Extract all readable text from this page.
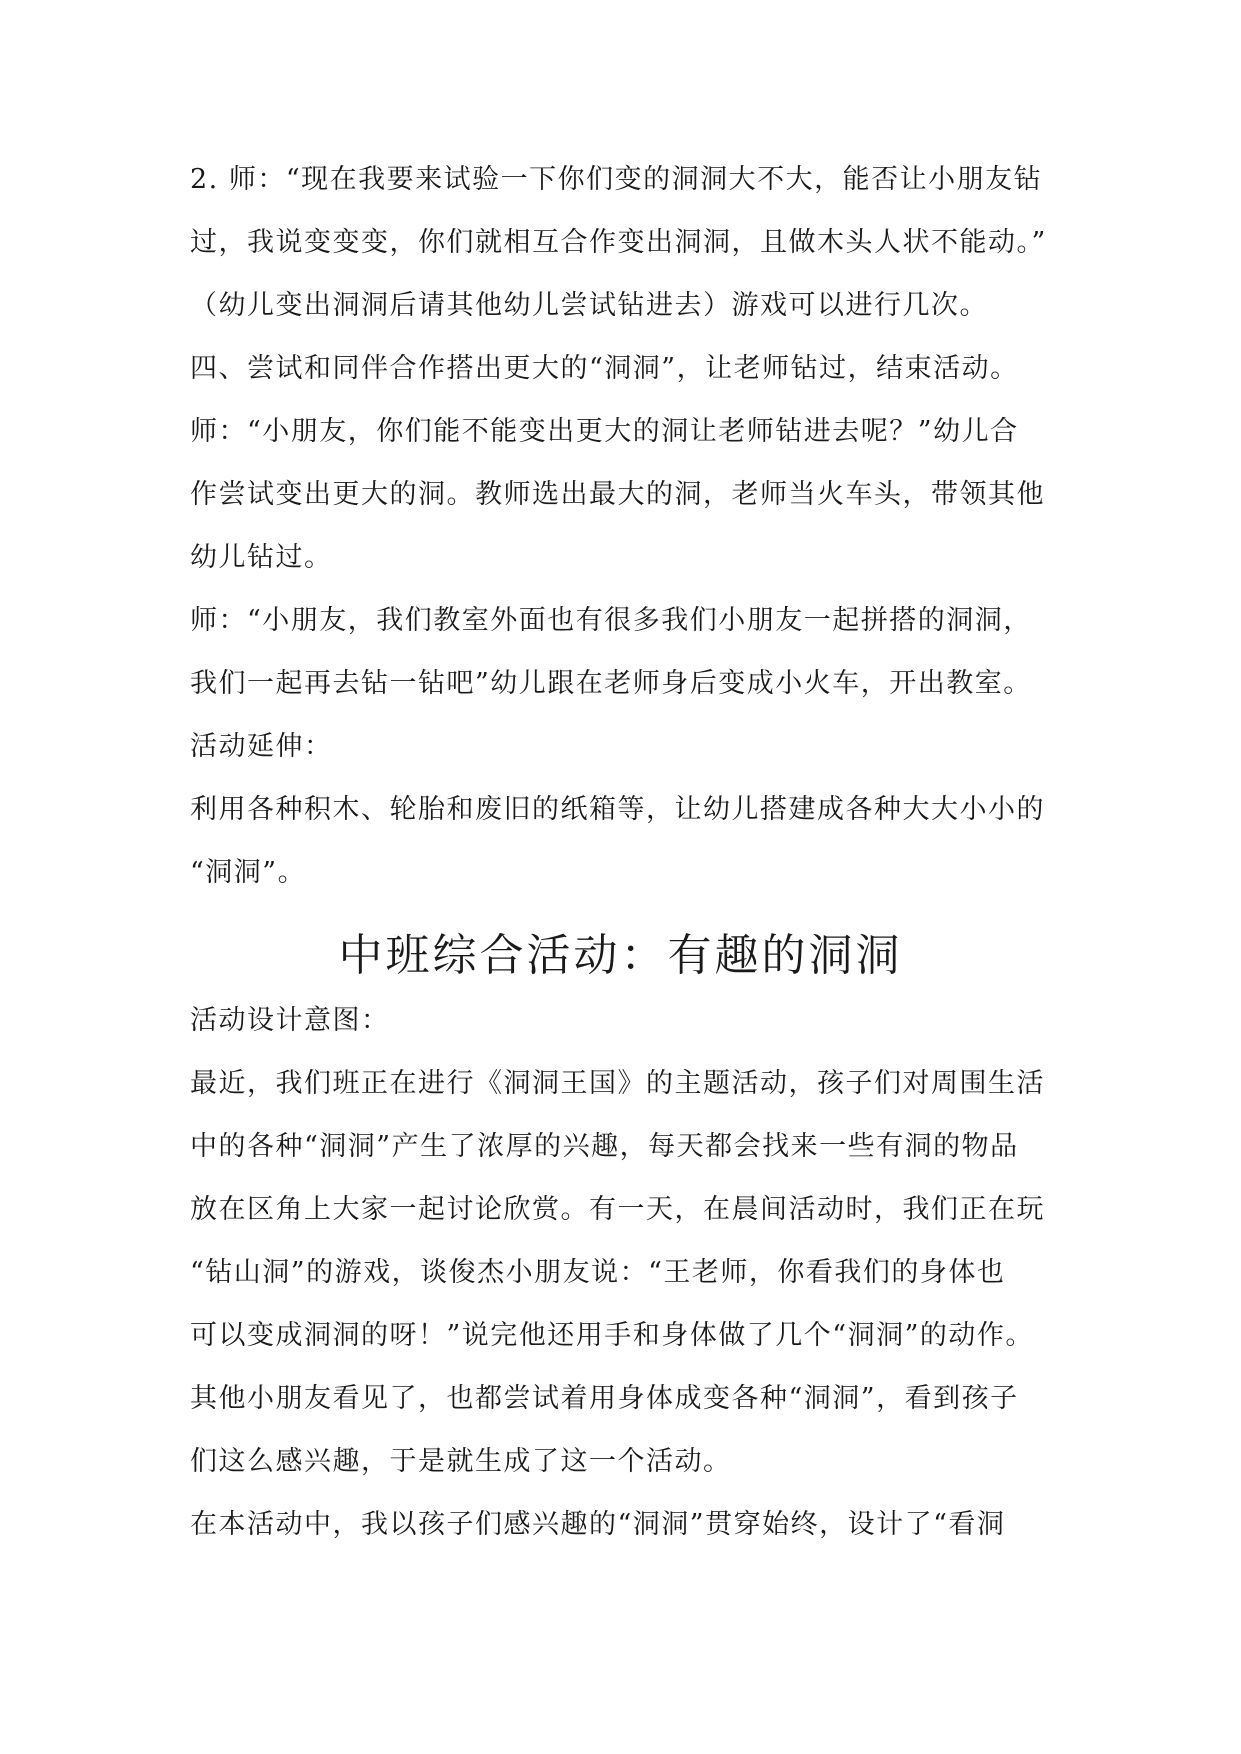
2. 师：“现在我要来试验一下你们变的洞洞大不大，能否让小朋友钻
过，我说变变变，你们就相互合作变出洞洞，且做木头人状不能动。”
（幼儿变出洞洞后请其他幼儿尝试钻进去）游戏可以进行几次。
四、尝试和同伴合作搭出更大的“洞洞”，让老师钻过，结束活动。
师：“小朋友，你们能不能变出更大的洞让老师钻进去呢？”幼儿合
作尝试变出更大的洞。教师选出最大的洞，老师当火车头，带领其他
幼儿钻过。
师：“小朋友，我们教室外面也有很多我们小朋友一起拼搭的洞洞，
我们一起再去钻一钻吧”幼儿跟在老师身后变成小火车，开出教室。
活动延伸：
利用各种积木、轮胎和废旧的纸箱等，让幼儿搭建成各种大大小小的
“洞洞”。
中班综合活动：有趣的洞洞
活动设计意图：
最近，我们班正在进行《洞洞王国》的主题活动，孩子们对周围生活
中的各种“洞洞”产生了浓厚的兴趣，每天都会找来一些有洞的物品
放在区角上大家一起讨论欣赏。有一天，在晨间活动时，我们正在玩
“钻山洞”的游戏，谈俊杰小朋友说：“王老师，你看我们的身体也
可以变成洞洞的呀！”说完他还用手和身体做了几个“洞洞”的动作。
其他小朋友看见了，也都尝试着用身体成变各种“洞洞”，看到孩子
们这么感兴趣，于是就生成了这一个活动。
在本活动中，我以孩子们感兴趣的“洞洞”贯穿始终，设计了“看洞
